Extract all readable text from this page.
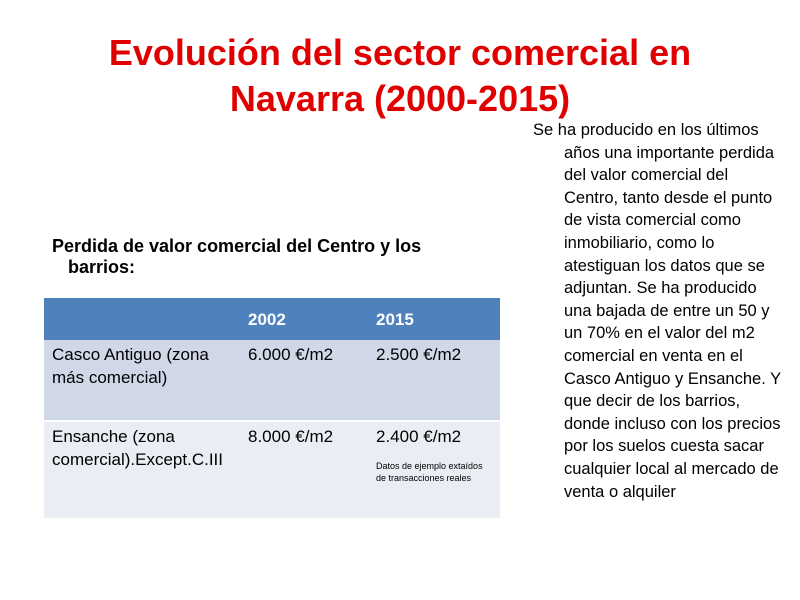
Evolución del sector comercial en Navarra (2000-2015)

Se ha producido en los últimos años una importante perdida del valor comercial del Centro, tanto desde el punto de vista comercial como inmobiliario, como lo atestiguan los datos que se adjuntan. Se ha producido una bajada de entre un 50 y un 70% en el valor del m2 comercial en venta en el Casco Antiguo y Ensanche. Y que decir de los barrios, donde incluso con los precios por los suelos cuesta sacar cualquier local al mercado de venta o alquiler

Perdida de valor comercial del Centro y los
barrios:
	2002	2015
Casco Antiguo (zona más comercial)	6.000 €/m2	2.500 €/m2
Ensanche (zona comercial).Except.C.III	8.000 €/m2	2.400 €/m2
Datos de ejemplo extaídos de transacciones reales
